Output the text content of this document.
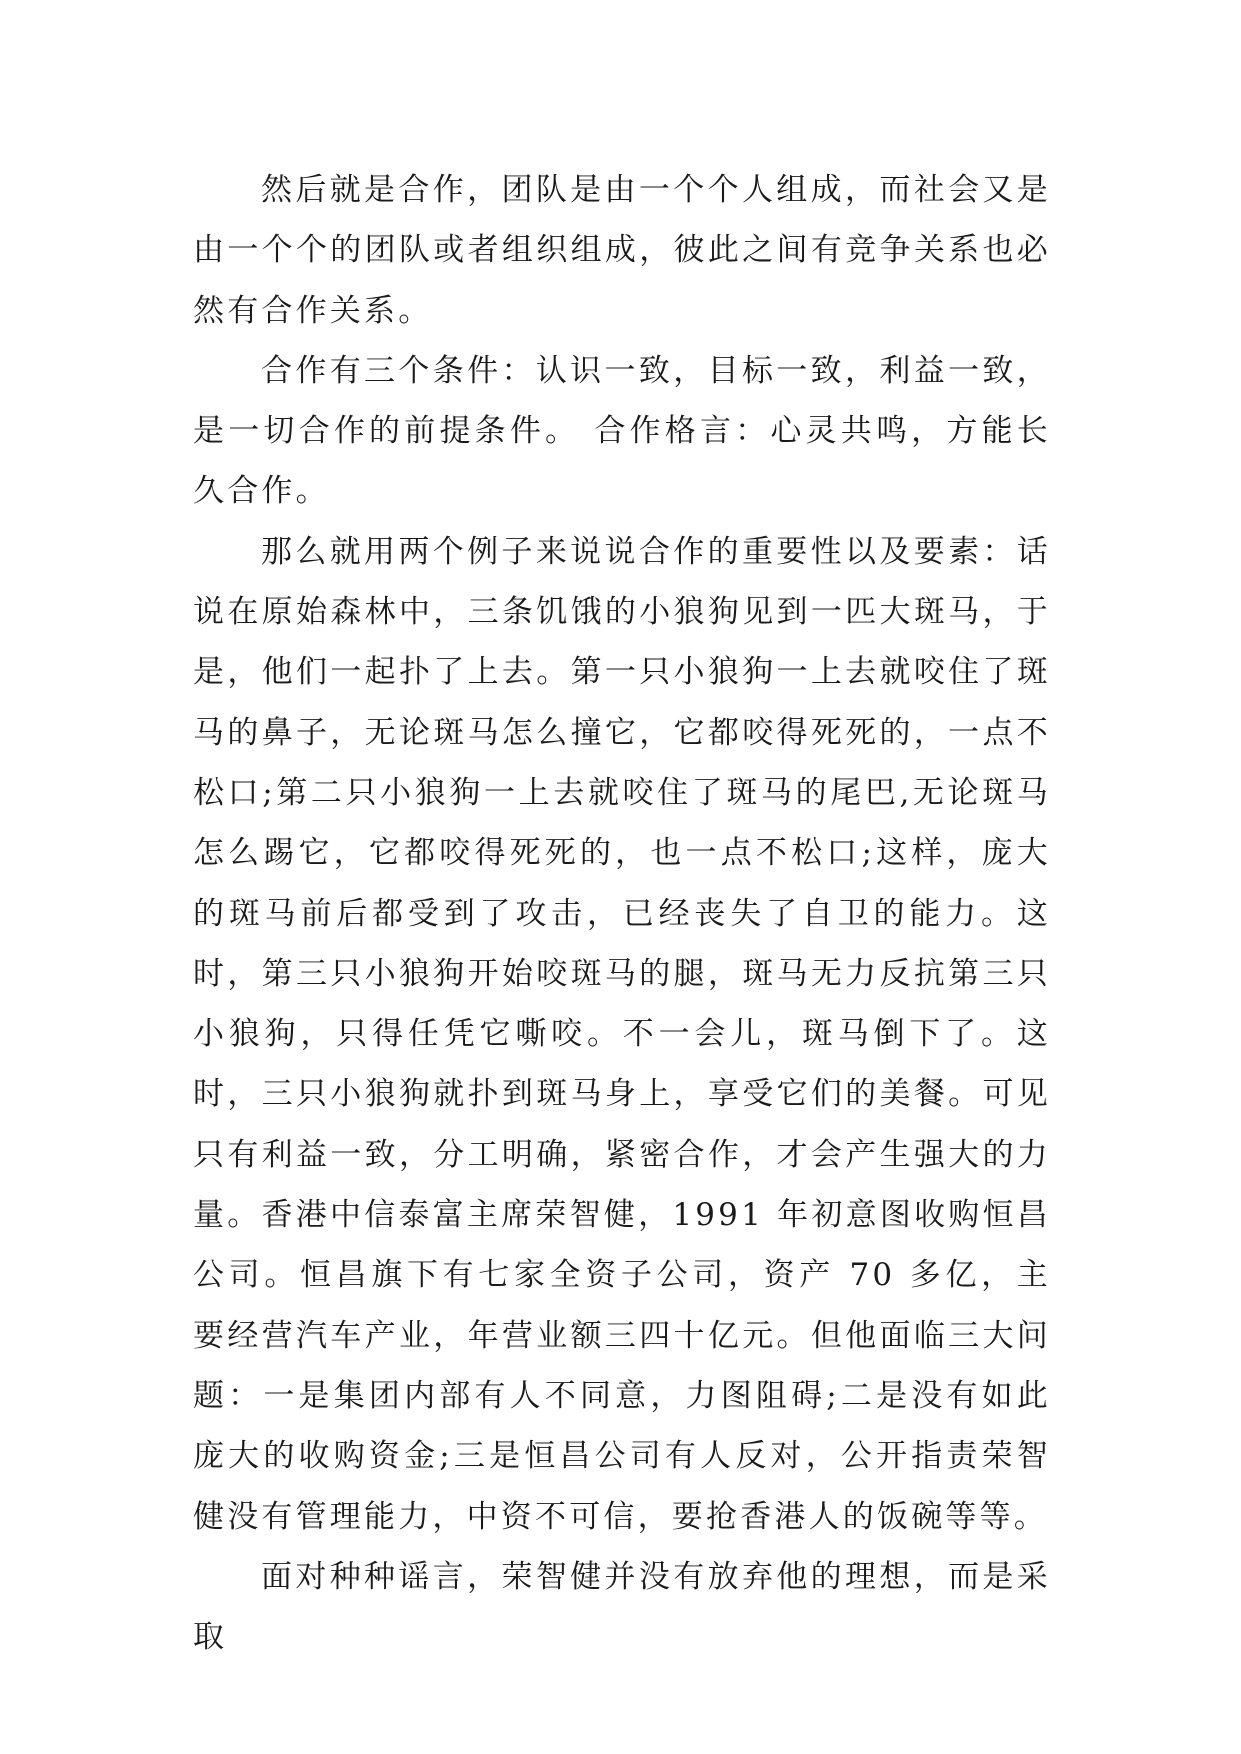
然后就是合作，团队是由一个个人组成，而社会又是由一个个的团队或者组织组成，彼此之间有竞争关系也必然有合作关系。

合作有三个条件：认识一致，目标一致，利益一致，是一切合作的前提条件。 合作格言：心灵共鸣，方能长久合作。

那么就用两个例子来说说合作的重要性以及要素：话说在原始森林中，三条饥饿的小狼狗见到一匹大斑马，于是，他们一起扑了上去。第一只小狼狗一上去就咬住了斑马的鼻子，无论斑马怎么撞它，它都咬得死死的，一点不松口;第二只小狼狗一上去就咬住了斑马的尾巴,无论斑马怎么踢它，它都咬得死死的，也一点不松口;这样，庞大的斑马前后都受到了攻击，已经丧失了自卫的能力。这时，第三只小狼狗开始咬斑马的腿，斑马无力反抗第三只小狼狗，只得任凭它嘶咬。不一会儿，斑马倒下了。这时，三只小狼狗就扑到斑马身上，享受它们的美餐。可见只有利益一致，分工明确，紧密合作，才会产生强大的力量。香港中信泰富主席荣智健，1991 年初意图收购恒昌公司。恒昌旗下有七家全资子公司，资产 70 多亿，主要经营汽车产业，年营业额三四十亿元。但他面临三大问题：一是集团内部有人不同意，力图阻碍;二是没有如此庞大的收购资金;三是恒昌公司有人反对，公开指责荣智健没有管理能力，中资不可信，要抢香港人的饭碗等等。

面对种种谣言，荣智健并没有放弃他的理想，而是采取
